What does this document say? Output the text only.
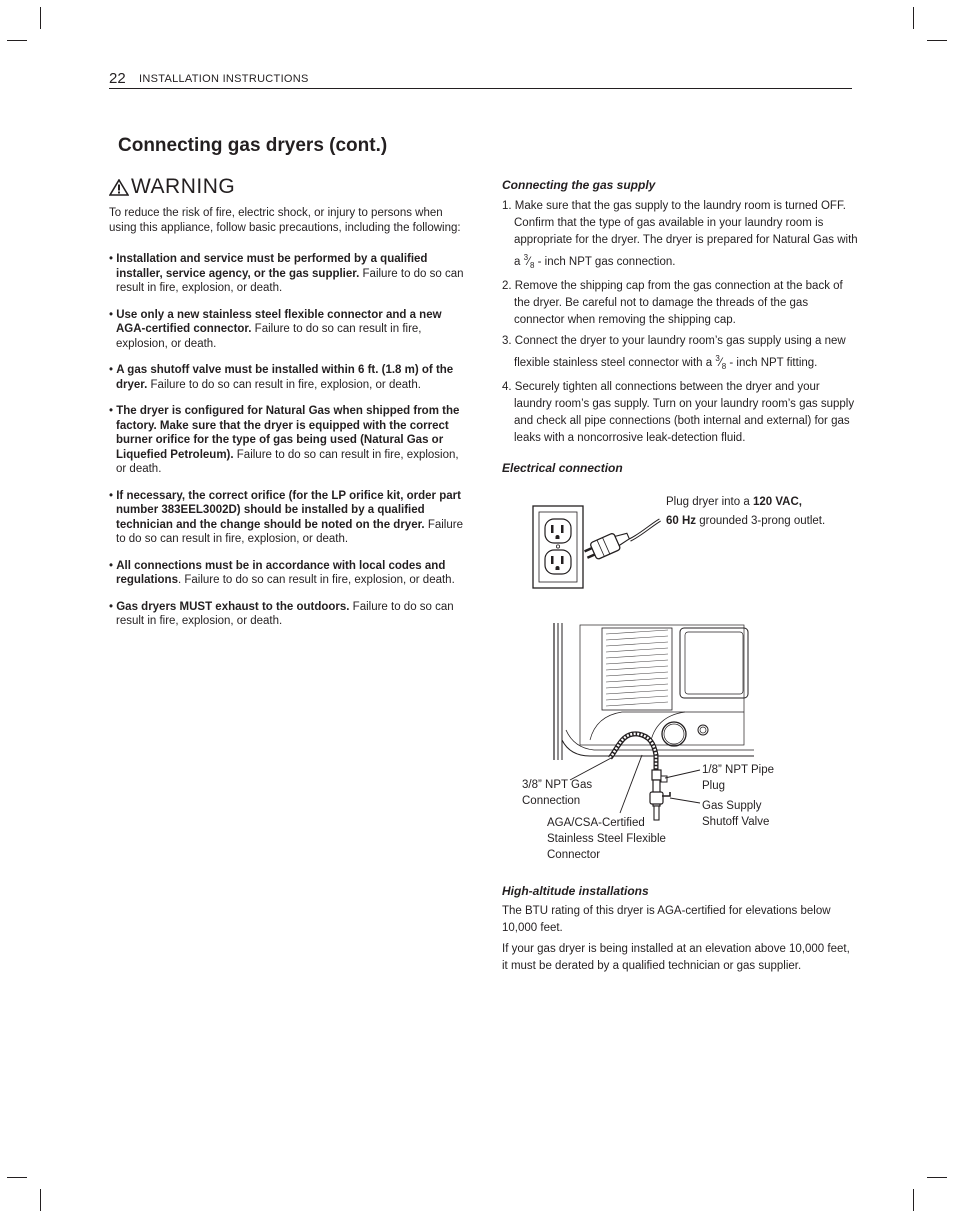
22 INSTALLATION INSTRUCTIONS
Connecting gas dryers (cont.)
WARNING

To reduce the risk of fire, electric shock, or injury to persons when using this appliance, follow basic precautions, including the following:

• Installation and service must be performed by a qualified installer, service agency, or the gas supplier. Failure to do so can result in fire, explosion, or death.

• Use only a new stainless steel flexible connector and a new AGA-certified connector. Failure to do so can result in fire, explosion, or death.

• A gas shutoff valve must be installed within 6 ft. (1.8 m) of the dryer. Failure to do so can result in fire, explosion, or death.

• The dryer is configured for Natural Gas when shipped from the factory. Make sure that the dryer is equipped with the correct burner orifice for the type of gas being used (Natural Gas or Liquefied Petroleum). Failure to do so can result in fire, explosion, or death.

• If necessary, the correct orifice (for the LP orifice kit, order part number 383EEL3002D) should be installed by a qualified technician and the change should be noted on the dryer. Failure to do so can result in fire, explosion, or death.

• All connections must be in accordance with local codes and regulations. Failure to do so can result in fire, explosion, or death.

• Gas dryers MUST exhaust to the outdoors. Failure to do so can result in fire, explosion, or death.

Connecting the gas supply

1. Make sure that the gas supply to the laundry room is turned OFF. Confirm that the type of gas available in your laundry room is appropriate for the dryer. The dryer is prepared for Natural Gas with a $^3⁄_8$ - inch NPT gas connection.

2. Remove the shipping cap from the gas connection at the back of the dryer. Be careful not to damage the threads of the gas connector when removing the shipping cap.

3. Connect the dryer to your laundry room’s gas supply using a new flexible stainless steel connector with a $^3⁄_8$ - inch NPT fitting.

4. Securely tighten all connections between the dryer and your laundry room’s gas supply. Turn on your laundry room’s gas supply and check all pipe connections (both internal and external) for gas leaks with a noncorrosive leak-detection fluid.

Electrical connection
Plug dryer into a 120 VAC,
60 Hz grounded 3-prong outlet.
3/8” NPT Gas
Connection
1/8” NPT Pipe
Plug
Gas Supply
Shutoff Valve
AGA/CSA-Certified
Stainless Steel Flexible
Connector
High-altitude installations

The BTU rating of this dryer is AGA-certified for elevations below 10,000 feet.

If your gas dryer is being installed at an elevation above 10,000 feet, it must be derated by a qualified technician or gas supplier.
